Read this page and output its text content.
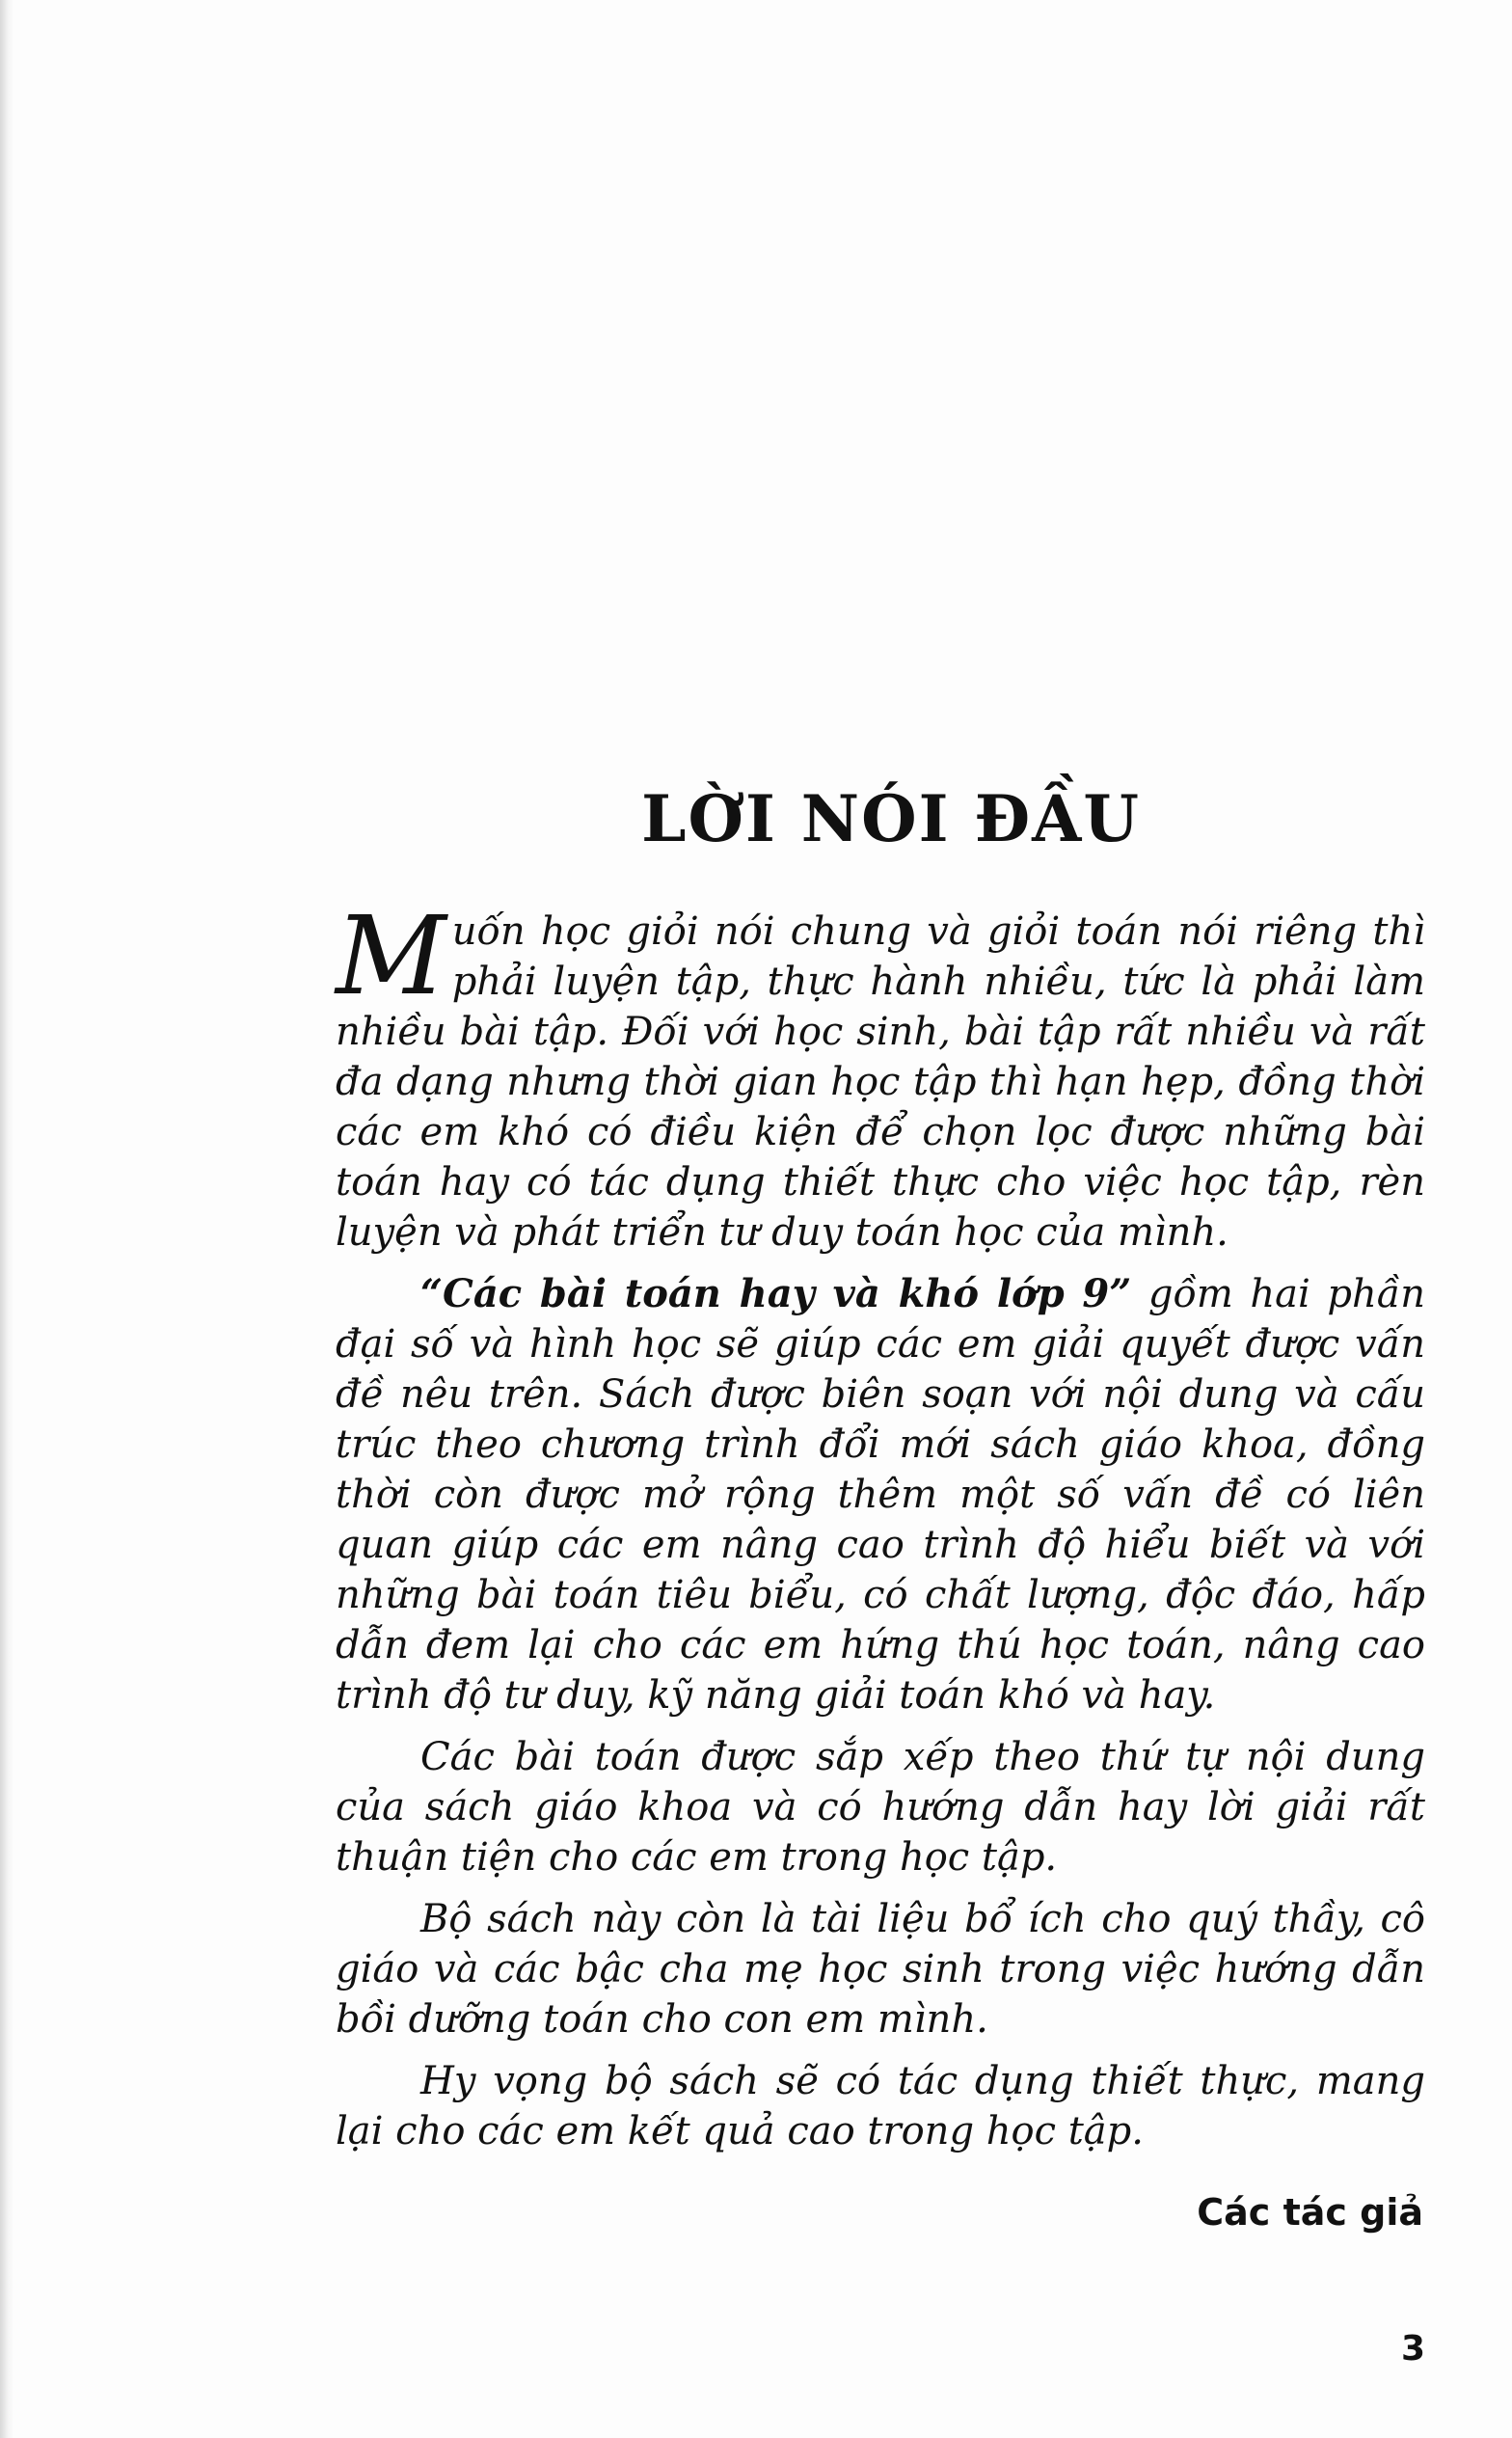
LỜI NÓI ĐẦU

Muốn học giỏi nói chung và giỏi toán nói riêng thì phải luyện tập, thực hành nhiều, tức là phải làm nhiều bài tập. Đối với học sinh, bài tập rất nhiều và rất đa dạng nhưng thời gian học tập thì hạn hẹp, đồng thời các em khó có điều kiện để chọn lọc được những bài toán hay có tác dụng thiết thực cho việc học tập, rèn luyện và phát triển tư duy toán học của mình.

“Các bài toán hay và khó lớp 9” gồm hai phần đại số và hình học sẽ giúp các em giải quyết được vấn đề nêu trên. Sách được biên soạn với nội dung và cấu trúc theo chương trình đổi mới sách giáo khoa, đồng thời còn được mở rộng thêm một số vấn đề có liên quan giúp các em nâng cao trình độ hiểu biết và với những bài toán tiêu biểu, có chất lượng, độc đáo, hấp dẫn đem lại cho các em hứng thú học toán, nâng cao trình độ tư duy, kỹ năng giải toán khó và hay.

Các bài toán được sắp xếp theo thứ tự nội dung của sách giáo khoa và có hướng dẫn hay lời giải rất thuận tiện cho các em trong học tập.

Bộ sách này còn là tài liệu bổ ích cho quý thầy, cô giáo và các bậc cha mẹ học sinh trong việc hướng dẫn bồi dưỡng toán cho con em mình.

Hy vọng bộ sách sẽ có tác dụng thiết thực, mang lại cho các em kết quả cao trong học tập.

Các tác giả
3
